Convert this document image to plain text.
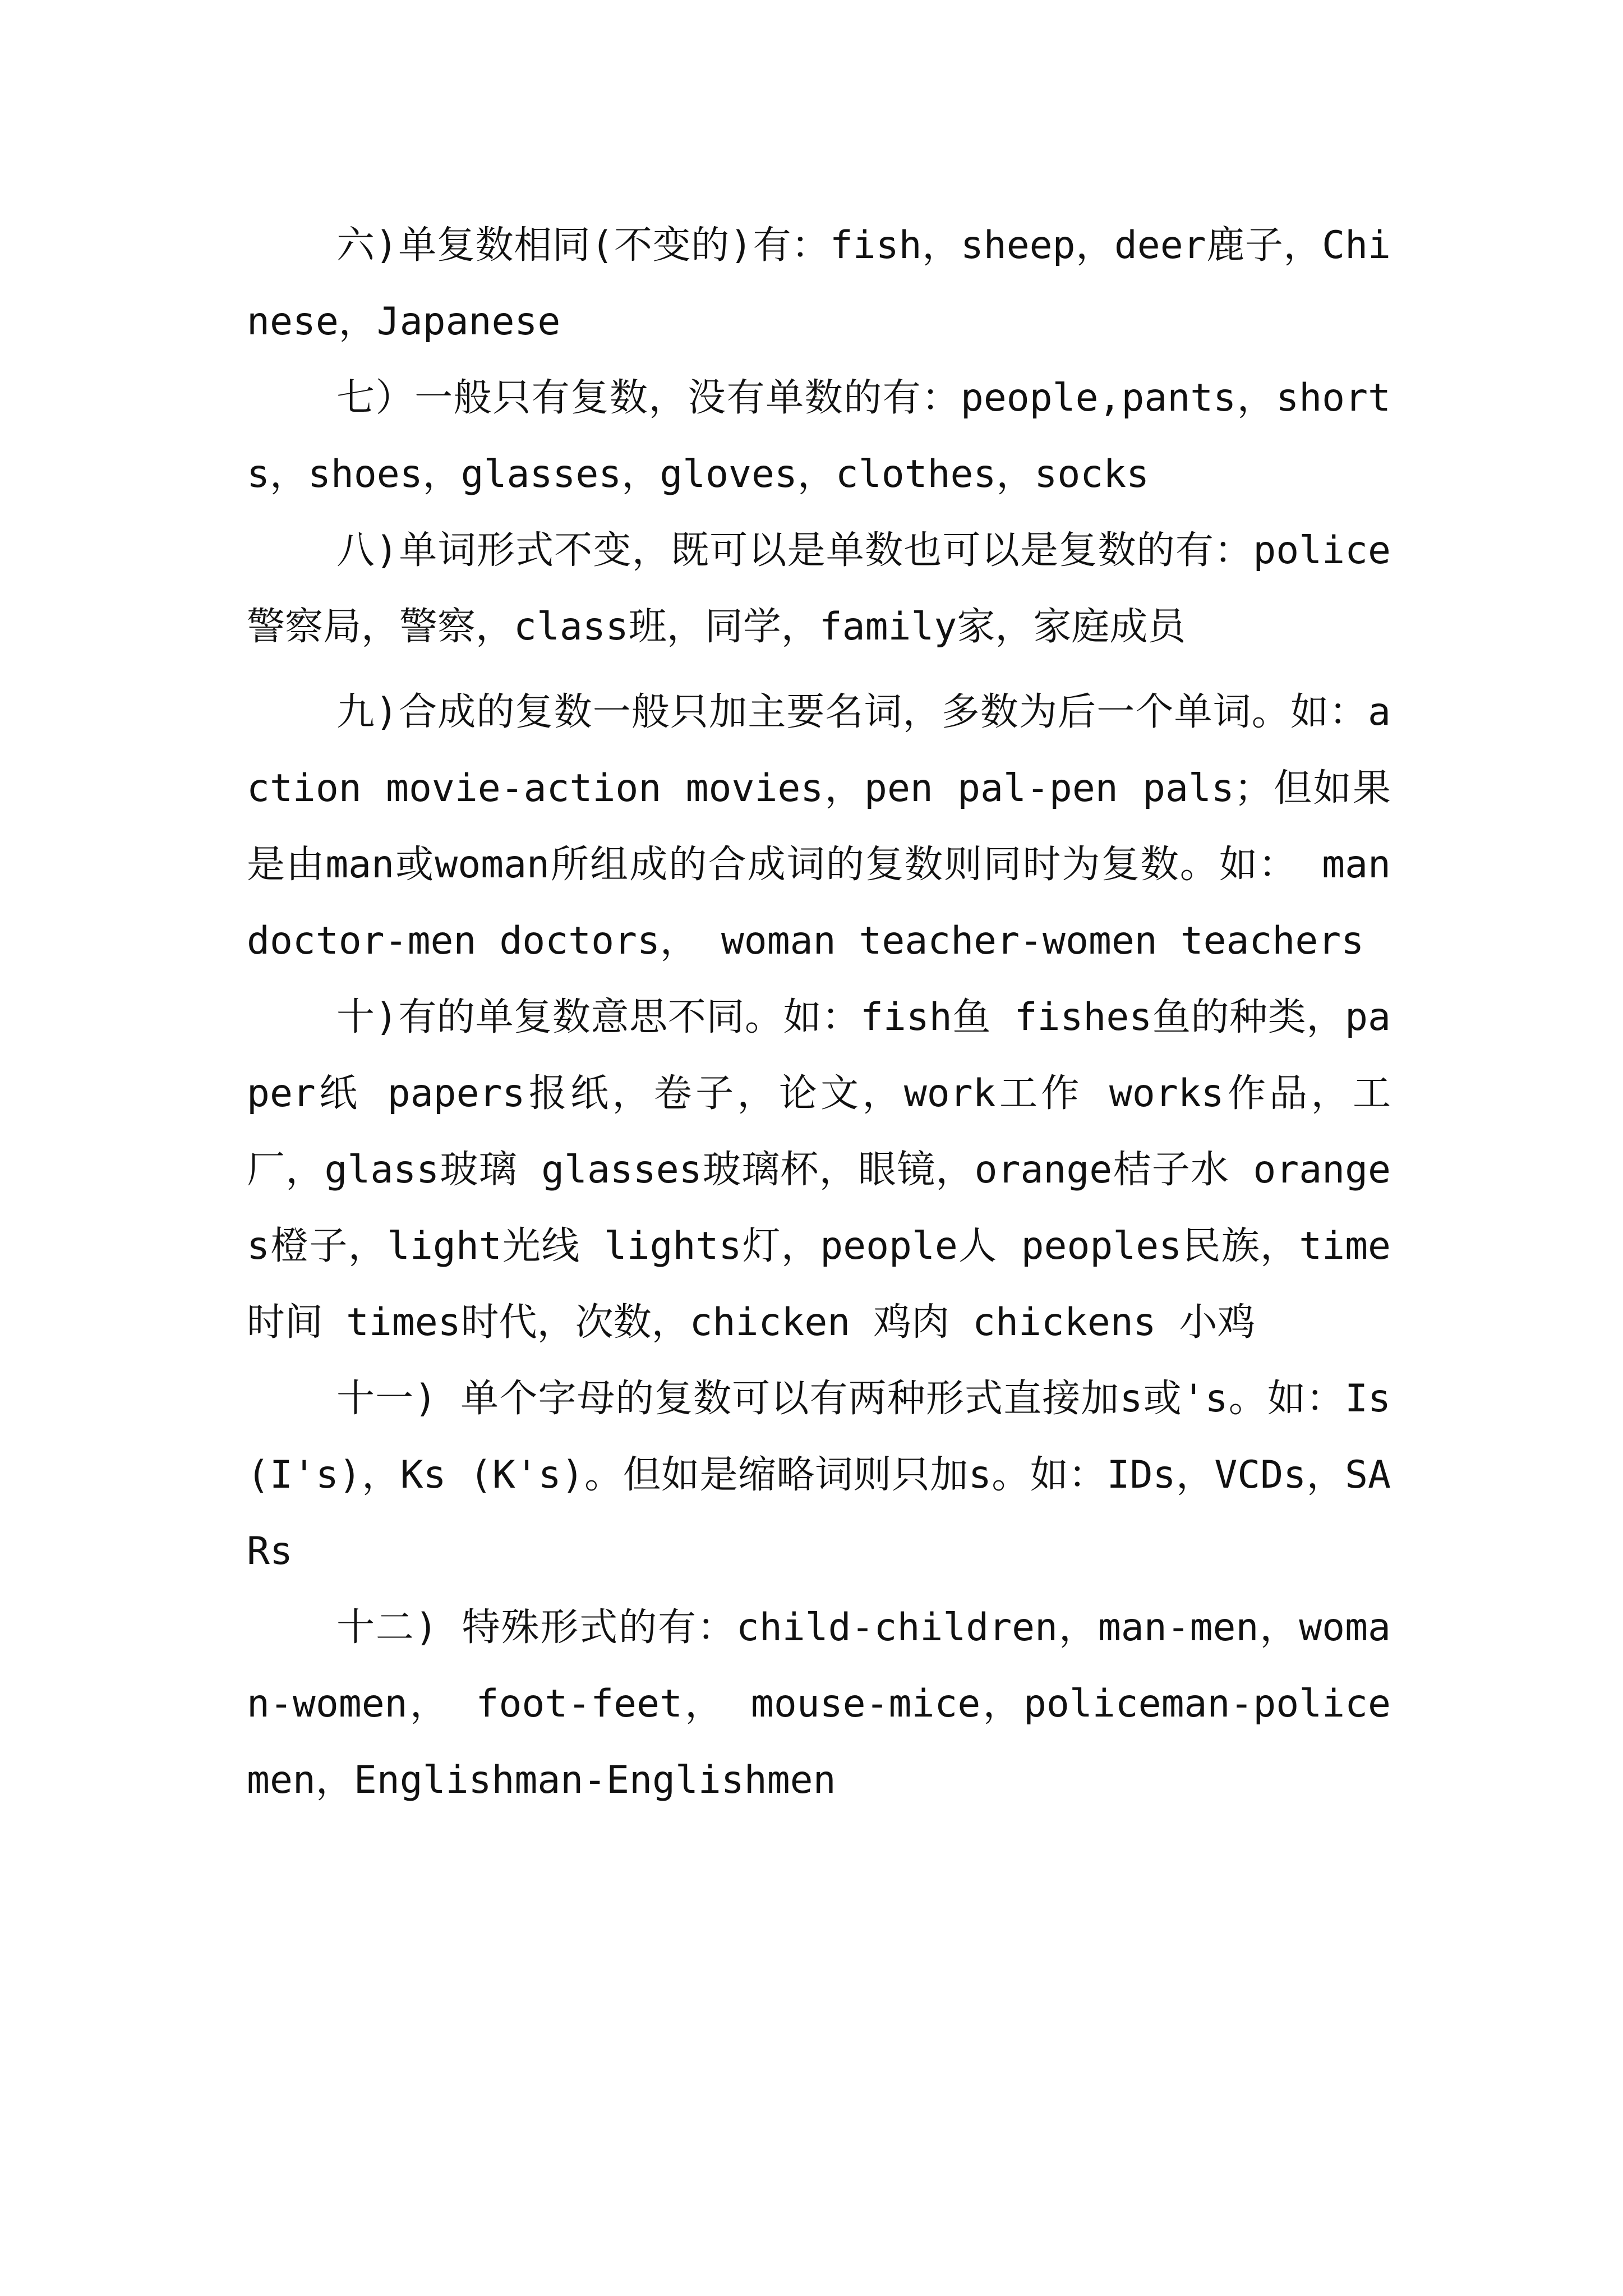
六)单复数相同(不变的)有：fish，sheep，deer鹿子，Chinese，Japanese

七）一般只有复数，没有单数的有：people,pants，shorts，shoes，glasses，gloves，clothes，socks

八)单词形式不变，既可以是单数也可以是复数的有：police警察局，警察，class班，同学，family家，家庭成员

九)合成的复数一般只加主要名词，多数为后一个单词。如：action movie-action movies，pen pal-pen pals；但如果是由man或woman所组成的合成词的复数则同时为复数。如： man doctor-men doctors， woman teacher-women teachers

十)有的单复数意思不同。如：fish鱼 fishes鱼的种类，paper纸 papers报纸，卷子，论文，work工作 works作品，工厂，glass玻璃 glasses玻璃杯，眼镜，orange桔子水 oranges橙子，light光线 lights灯，people人 peoples民族，time时间 times时代，次数，chicken 鸡肉 chickens 小鸡

十一) 单个字母的复数可以有两种形式直接加s或's。如：Is (I's)，Ks (K's)。但如是缩略词则只加s。如：IDs，VCDs，SARs

十二) 特殊形式的有：child-children，man-men，woman-women， foot-feet， mouse-mice，policeman-policemen，Englishman-Englishmen
